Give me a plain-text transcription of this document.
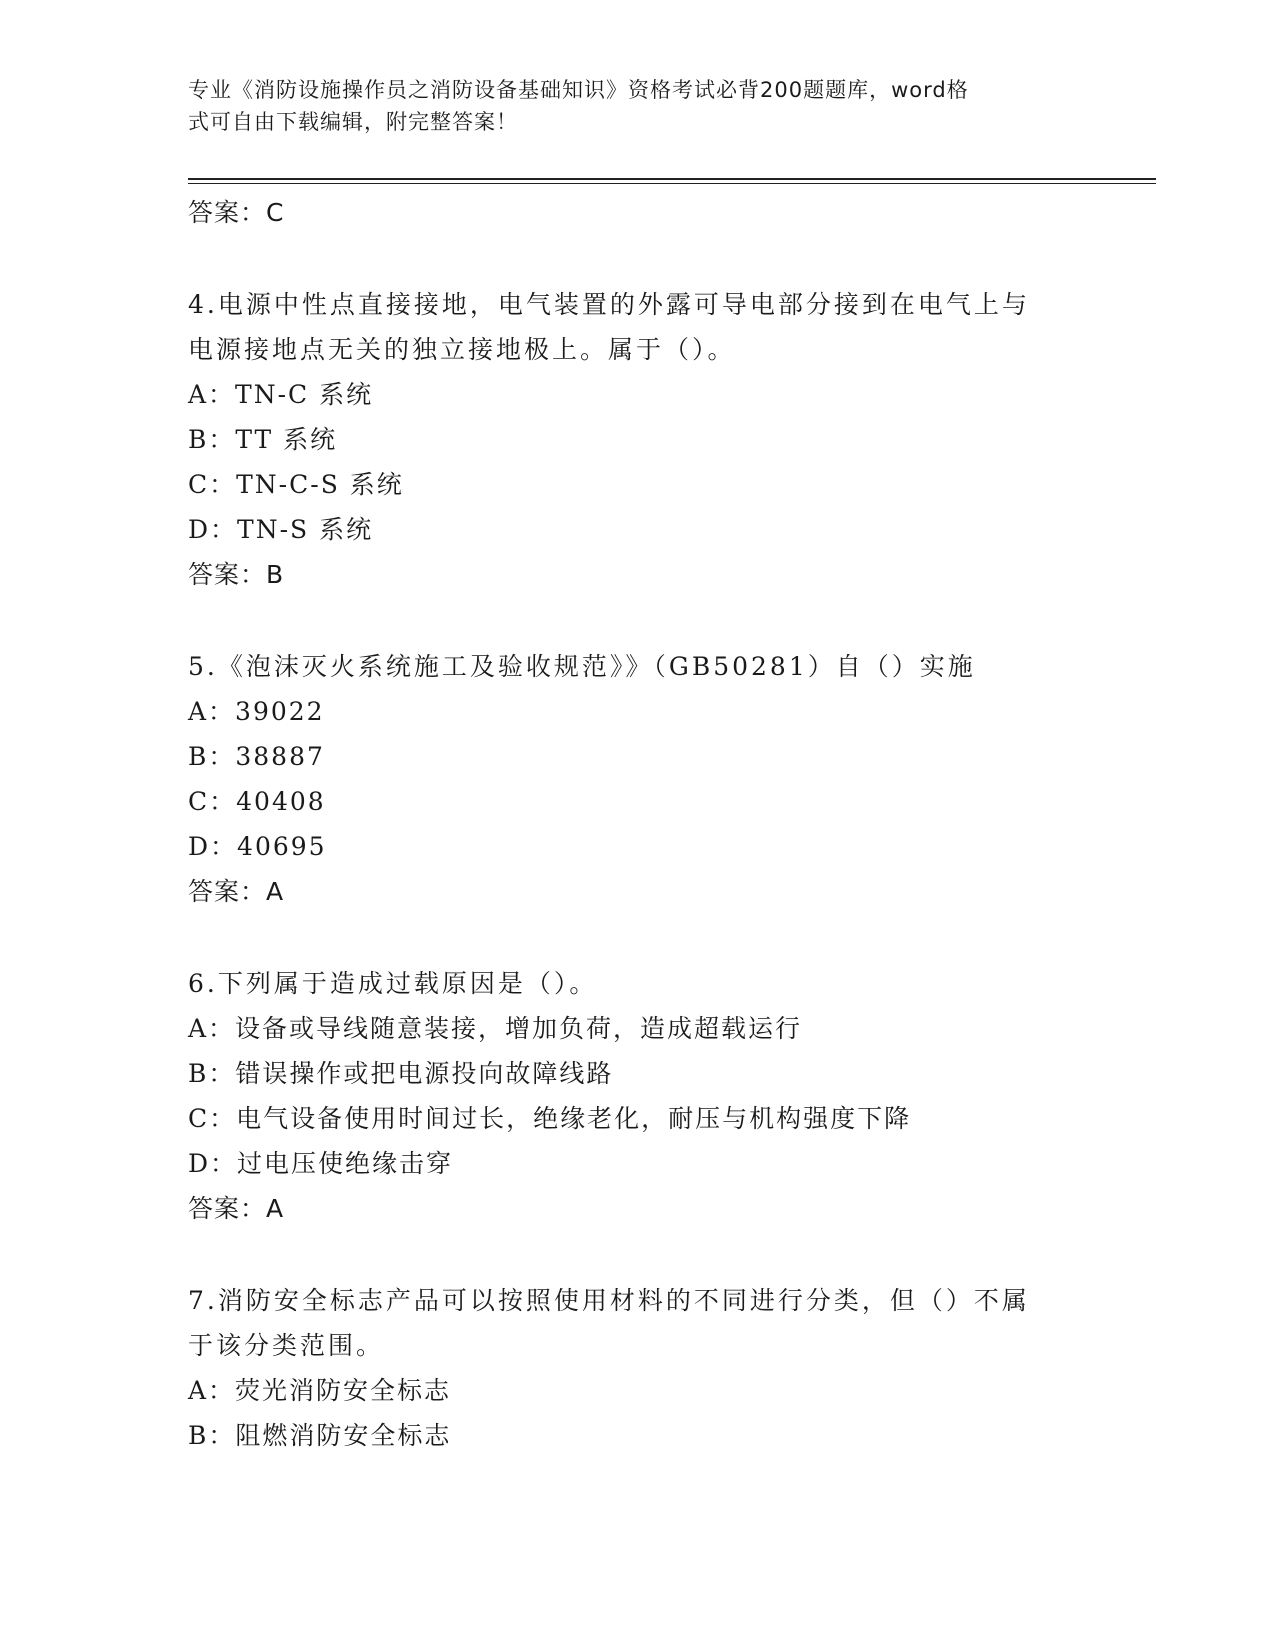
专业《消防设施操作员之消防设备基础知识》资格考试必背200题题库，word格
式可自由下载编辑，附完整答案！
答案：C
4.电源中性点直接接地，电气装置的外露可导电部分接到在电气上与
电源接地点无关的独立接地极上。属于（）。
A：TN-C 系统
B：TT 系统
C：TN-C-S 系统
D：TN-S 系统
答案：B
5.《泡沫灭火系统施工及验收规范》》（GB50281）自（）实施
A：39022
B：38887
C：40408
D：40695
答案：A
6.下列属于造成过载原因是（）。
A：设备或导线随意装接，增加负荷，造成超载运行
B：错误操作或把电源投向故障线路
C：电气设备使用时间过长，绝缘老化，耐压与机构强度下降
D：过电压使绝缘击穿
答案：A
7.消防安全标志产品可以按照使用材料的不同进行分类，但（）不属
于该分类范围。
A：荧光消防安全标志
B：阻燃消防安全标志
